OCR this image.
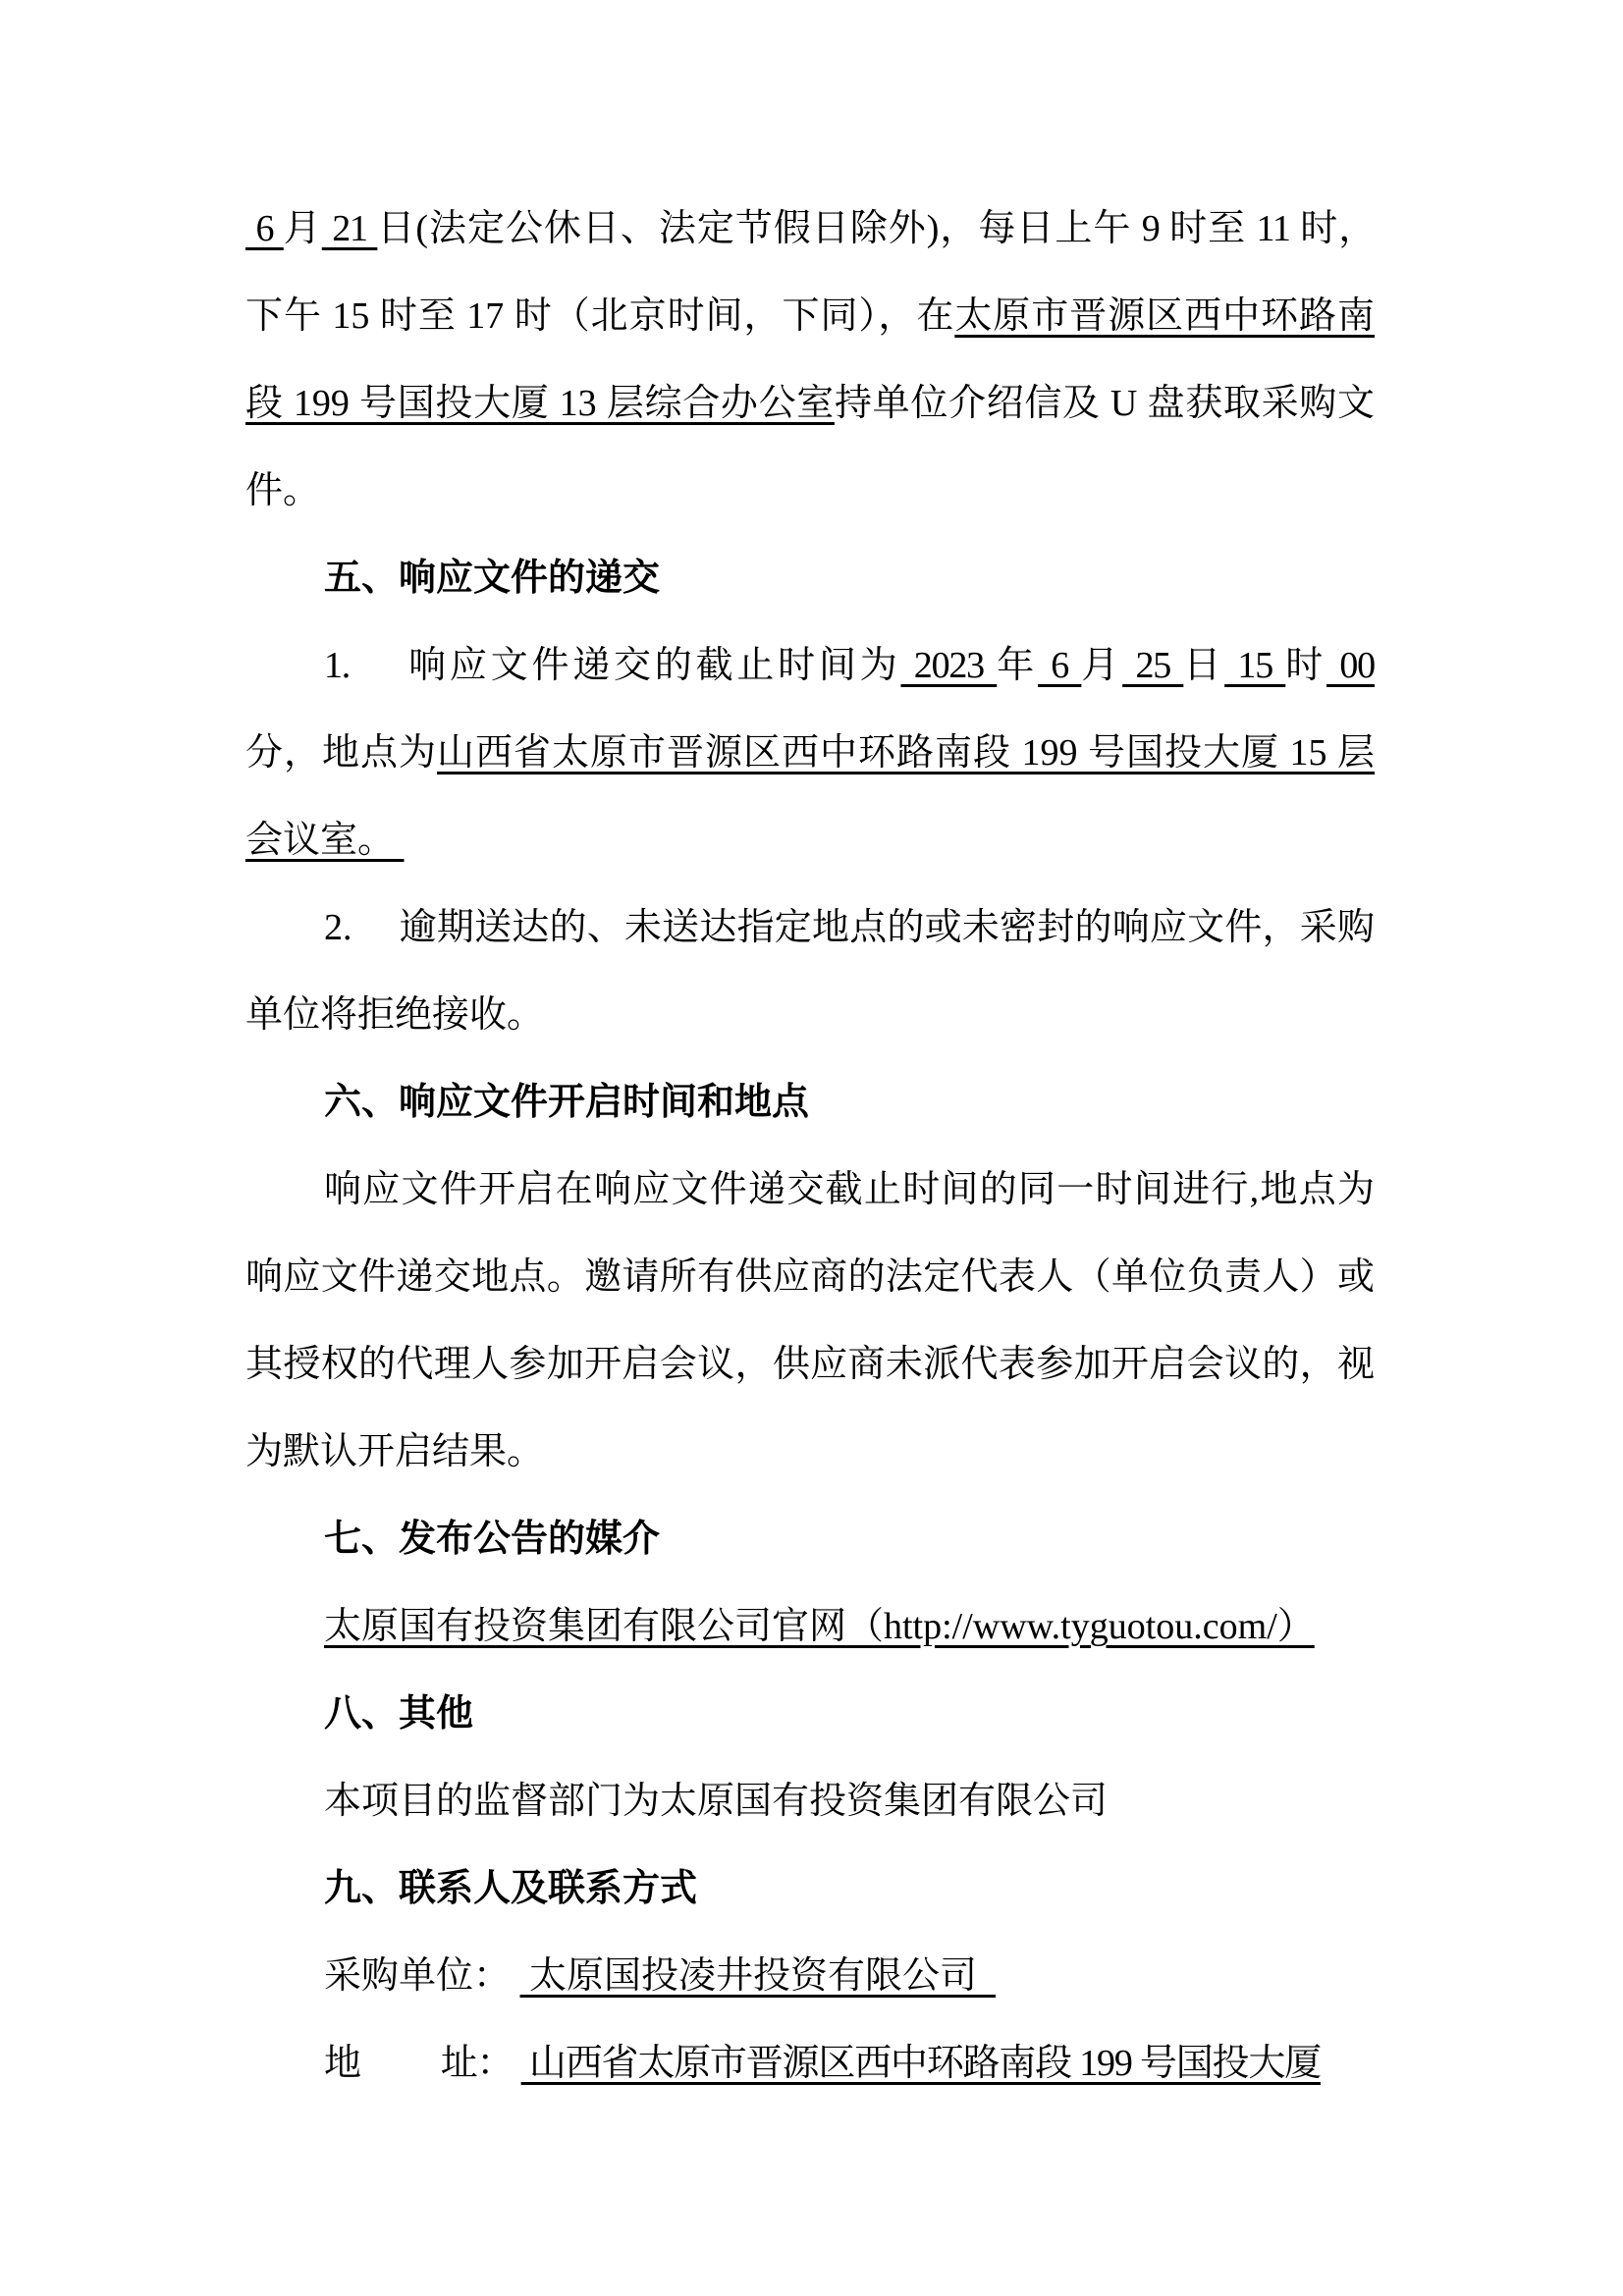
6 月 21 日(法定公休日、法定节假日除外)，每日上午 9 时至 11 时，
下午 15 时至 17 时（北京时间，下同），在太原市晋源区西中环路南
段 199 号国投大厦 13 层综合办公室持单位介绍信及 U 盘获取采购文
件。
五、响应文件的递交
1.　 响应文件递交的截止时间为 2023 年 6 月 25 日 15 时 00
分，地点为山西省太原市晋源区西中环路南段 199 号国投大厦 15 层
会议室。
2.　 逾期送达的、未送达指定地点的或未密封的响应文件，采购
单位将拒绝接收。
六、响应文件开启时间和地点
响应文件开启在响应文件递交截止时间的同一时间进行,地点为
响应文件递交地点。邀请所有供应商的法定代表人（单位负责人）或
其授权的代理人参加开启会议，供应商未派代表参加开启会议的，视
为默认开启结果。
七、发布公告的媒介
太原国有投资集团有限公司官网（http://www.tyguotou.com/）
八、其他
本项目的监督部门为太原国有投资集团有限公司
九、联系人及联系方式
采购单位：  太原国投凌井投资有限公司
地　　 址：  山西省太原市晋源区西中环路南段 199 号国投大厦
